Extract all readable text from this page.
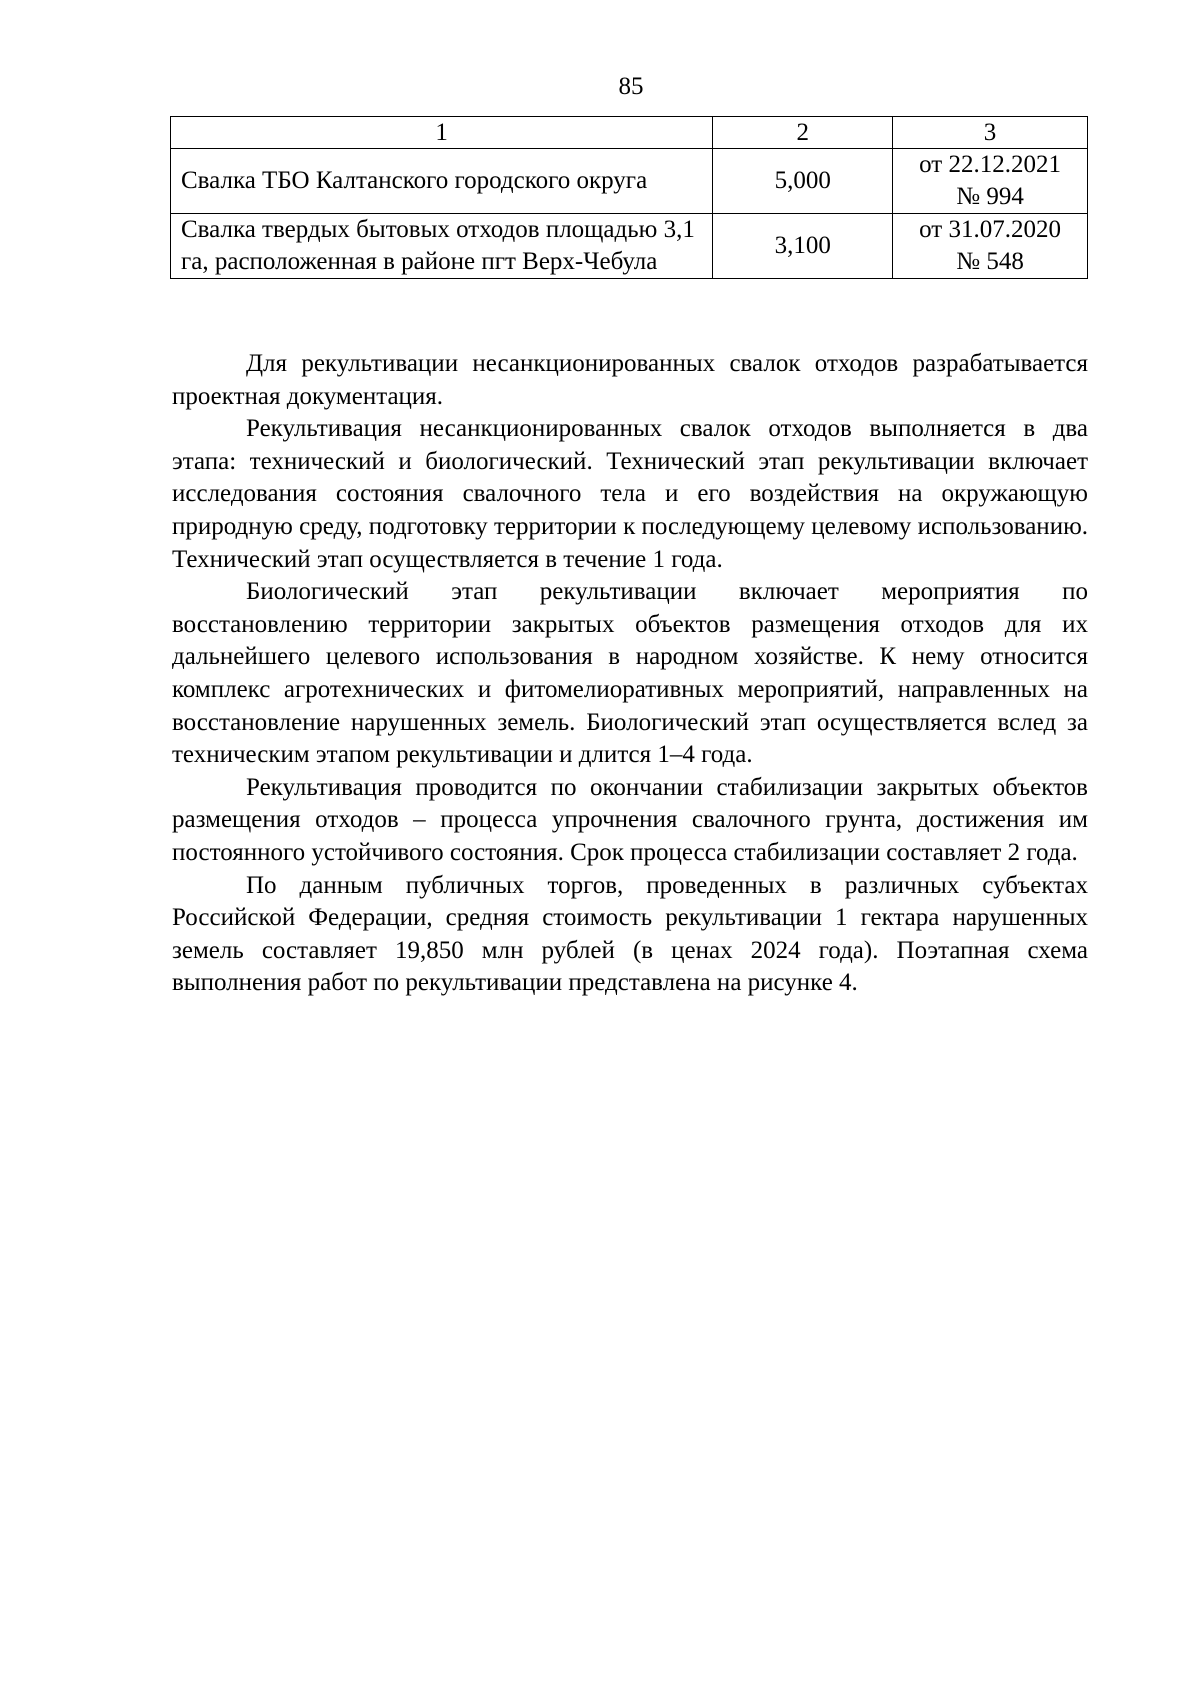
85
1	2	3
Свалка ТБО Калтанского городского округа	5,000	от 22.12.2021
№ 994

Свалка твердых бытовых отходов площадью 3,1 га, расположенная в районе пгт Верх-Чебула	3,100	от 31.07.2020
№ 548

Для рекультивации несанкционированных свалок отходов разрабатывается проектная документация.

Рекультивация несанкционированных свалок отходов выполняется в два этапа: технический и биологический. Технический этап рекультивации включает исследования состояния свалочного тела и его воздействия на окружающую природную среду, подготовку территории к последующему целевому использованию. Технический этап осуществляется в течение 1 года.

Биологический этап рекультивации включает мероприятия по восстановлению территории закрытых объектов размещения отходов для их дальнейшего целевого использования в народном хозяйстве. К нему относится комплекс агротехнических и фитомелиоративных мероприятий, направленных на восстановление нарушенных земель. Биологический этап осуществляется вслед за техническим этапом рекультивации и длится 1–4 года.

Рекультивация проводится по окончании стабилизации закрытых объектов размещения отходов – процесса упрочнения свалочного грунта, достижения им постоянного устойчивого состояния. Срок процесса стабилизации составляет 2 года.

По данным публичных торгов, проведенных в различных субъектах Российской Федерации, средняя стоимость рекультивации 1 гектара нарушенных земель составляет 19,850 млн рублей (в ценах 2024 года). Поэтапная схема выполнения работ по рекультивации представлена на рисунке 4.
